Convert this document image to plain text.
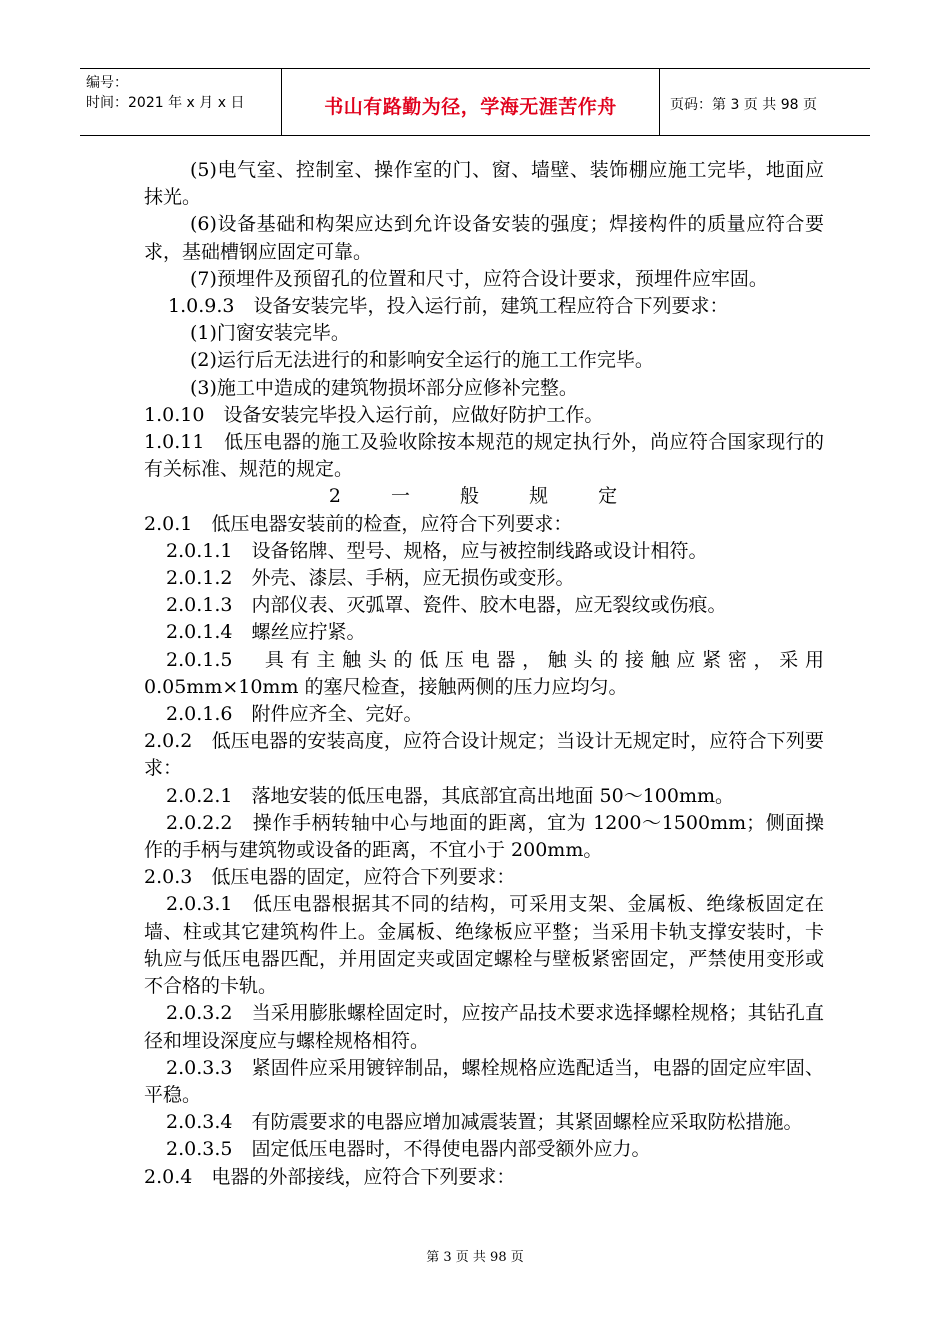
编号：
时间：2021 年 x 月 x 日	书山有路勤为径，学海无涯苦作舟	页码：第 3 页 共 98 页

(5)电气室、控制室、操作室的门、窗、墙壁、装饰棚应施工完毕，地面应抹光。

(6)设备基础和构架应达到允许设备安装的强度；焊接构件的质量应符合要求，基础槽钢应固定可靠。

(7)预埋件及预留孔的位置和尺寸，应符合设计要求，预埋件应牢固。

1.0.9.3　设备安装完毕，投入运行前，建筑工程应符合下列要求：

(1)门窗安装完毕。

(2)运行后无法进行的和影响安全运行的施工工作完毕。

(3)施工中造成的建筑物损坏部分应修补完整。

1.0.10　设备安装完毕投入运行前，应做好防护工作。

1.0.11　低压电器的施工及验收除按本规范的规定执行外，尚应符合国家现行的有关标准、规范的规定。

2 一 般 规 定

2.0.1　低压电器安装前的检查，应符合下列要求：

2.0.1.1　设备铭牌、型号、规格，应与被控制线路或设计相符。

2.0.1.2　外壳、漆层、手柄，应无损伤或变形。

2.0.1.3　内部仪表、灭弧罩、瓷件、胶木电器，应无裂纹或伤痕。

2.0.1.4　螺丝应拧紧。

2.0.1.5　具有主触头的低压电器，触头的接触应紧密，采用 0.05mm×10mm 的塞尺检查，接触两侧的压力应均匀。

2.0.1.6　附件应齐全、完好。

2.0.2　低压电器的安装高度，应符合设计规定；当设计无规定时，应符合下列要求：

2.0.2.1　落地安装的低压电器，其底部宜高出地面 50～100mm。

2.0.2.2　操作手柄转轴中心与地面的距离，宜为 1200～1500mm；侧面操作的手柄与建筑物或设备的距离，不宜小于 200mm。

2.0.3　低压电器的固定，应符合下列要求：

2.0.3.1　低压电器根据其不同的结构，可采用支架、金属板、绝缘板固定在墙、柱或其它建筑构件上。金属板、绝缘板应平整；当采用卡轨支撑安装时，卡轨应与低压电器匹配，并用固定夹或固定螺栓与壁板紧密固定，严禁使用变形或不合格的卡轨。

2.0.3.2　当采用膨胀螺栓固定时，应按产品技术要求选择螺栓规格；其钻孔直径和埋设深度应与螺栓规格相符。

2.0.3.3　紧固件应采用镀锌制品，螺栓规格应选配适当，电器的固定应牢固、平稳。

2.0.3.4　有防震要求的电器应增加减震装置；其紧固螺栓应采取防松措施。

2.0.3.5　固定低压电器时，不得使电器内部受额外应力。

2.0.4　电器的外部接线，应符合下列要求：

第 3 页 共 98 页
